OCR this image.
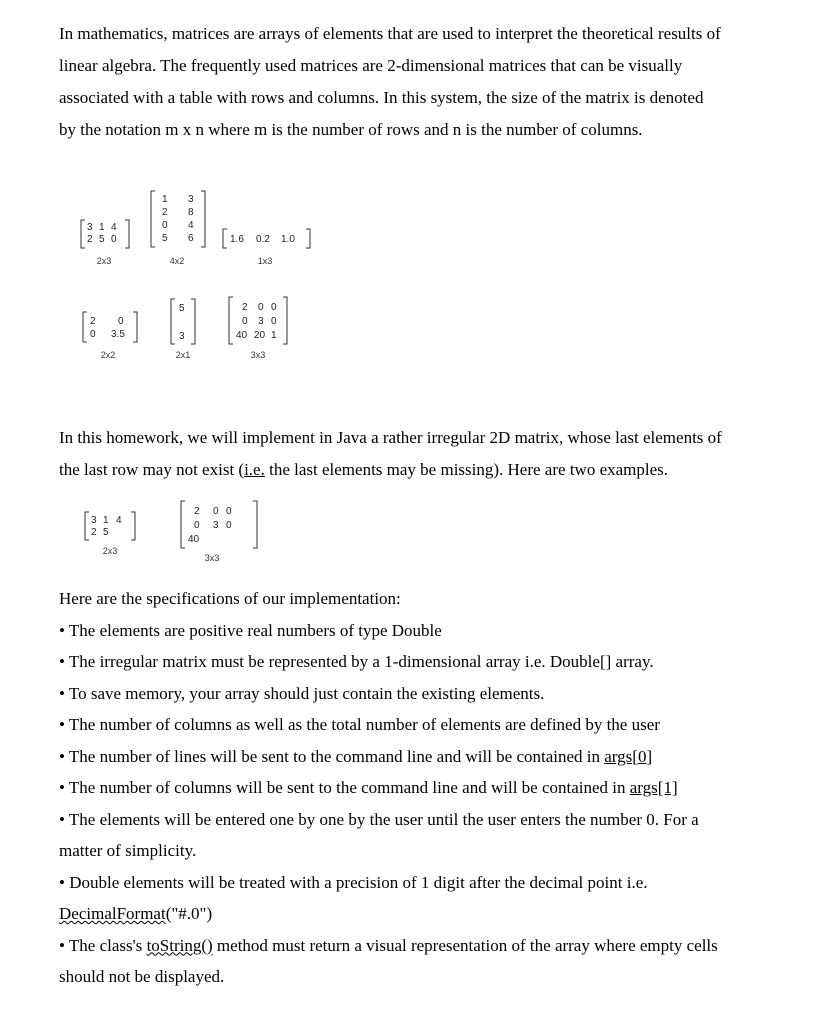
In mathematics, matrices are arrays of elements that are used to interpret the theoretical results of
linear algebra. The frequently used matrices are 2-dimensional matrices that can be visually
associated with a table with rows and columns. In this system, the size of the matrix is denoted
by the notation m x n where m is the number of rows and n is the number of columns.
3 1 4
2 5 0
2x3
1 3
2 8
0 4
5 6
4x2
1.6 0.2 1.0
1x3
2 0
0 3.5
2x2
5
3
2x1
2 0 0
0 3 0
40 20 1
3x3
In this homework, we will implement in Java a rather irregular 2D matrix, whose last elements of
the last row may not exist (i.e. the last elements may be missing). Here are two examples.
3 1 4
2 5
2x3
2 0 0
0 3 0
40
3x3
Here are the specifications of our implementation:
• The elements are positive real numbers of type Double
• The irregular matrix must be represented by a 1-dimensional array i.e. Double[] array.
• To save memory, your array should just contain the existing elements.
• The number of columns as well as the total number of elements are defined by the user
• The number of lines will be sent to the command line and will be contained in args[0]
• The number of columns will be sent to the command line and will be contained in args[1]
• The elements will be entered one by one by the user until the user enters the number 0. For a
matter of simplicity.
• Double elements will be treated with a precision of 1 digit after the decimal point i.e.
DecimalFormat("#.0")
• The class's toString() method must return a visual representation of the array where empty cells
should not be displayed.
